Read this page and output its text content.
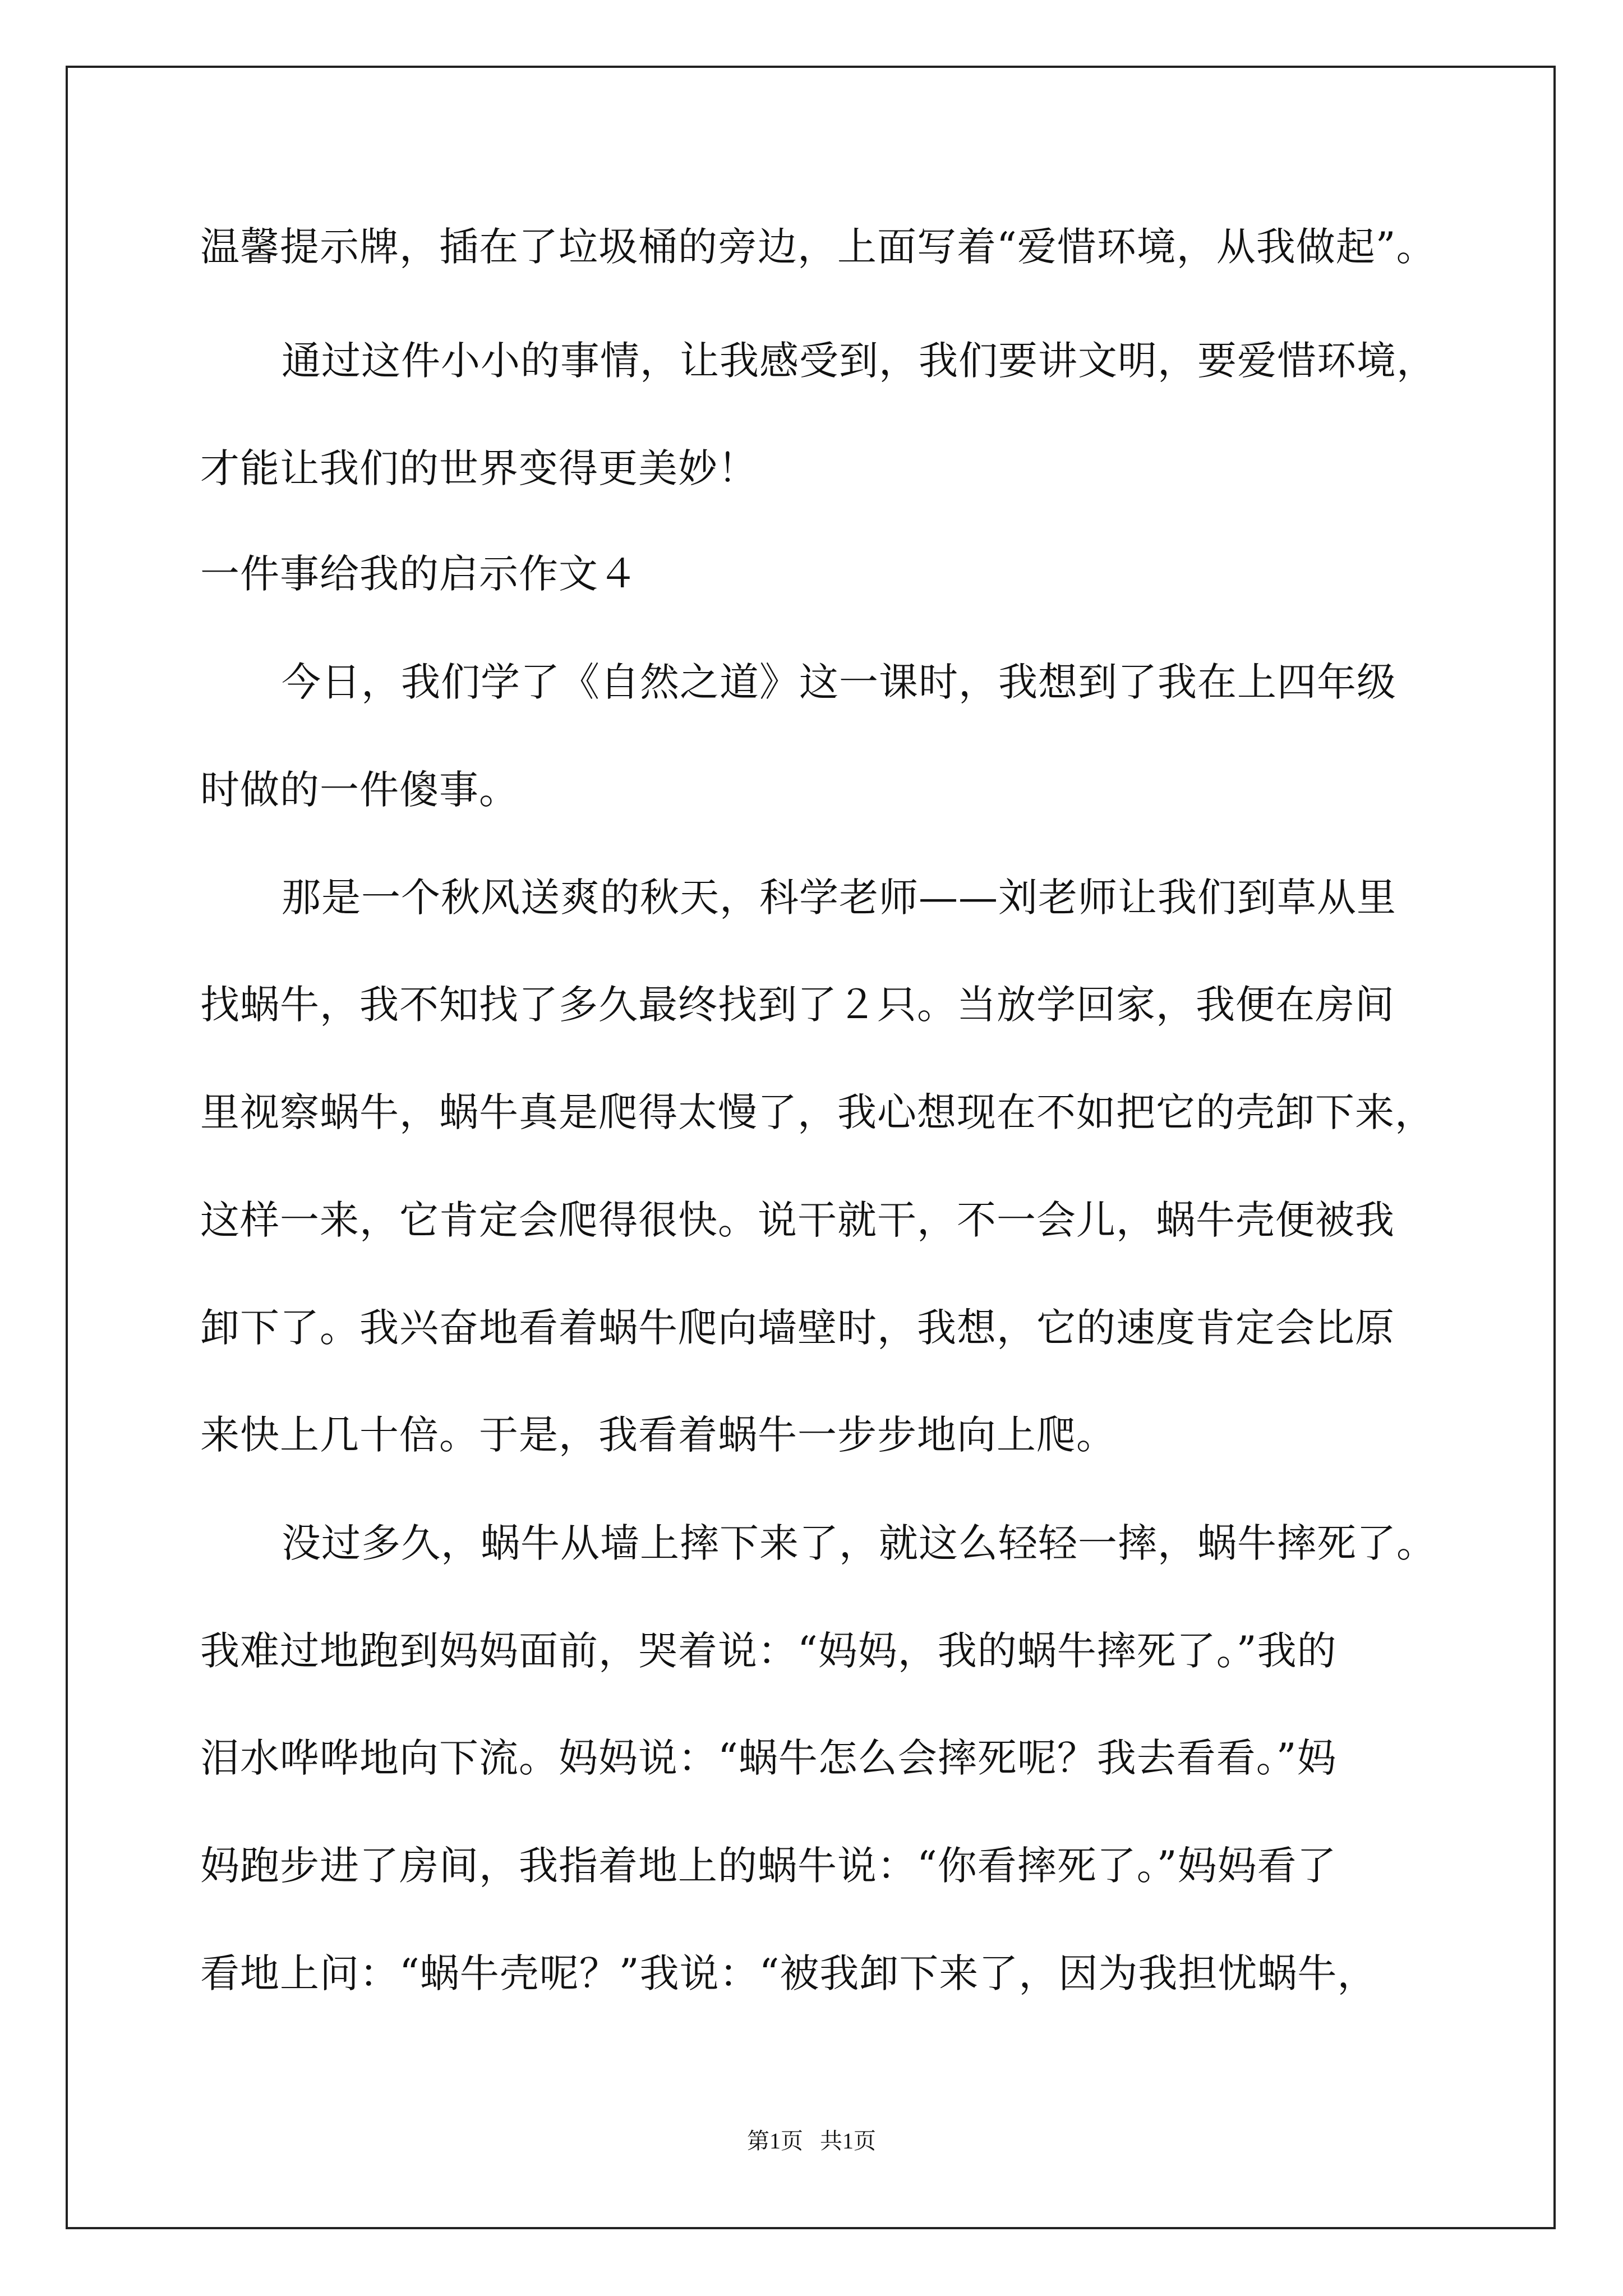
温馨提示牌，插在了垃圾桶的旁边，上面写着“爱惜环境，从我做起”。
通过这件小小的事情，让我感受到，我们要讲文明，要爱惜环境，
才能让我们的世界变得更美妙！
一件事给我的启示作文４
今日，我们学了《自然之道》这一课时，我想到了我在上四年级
时做的一件傻事。
那是一个秋风送爽的秋天，科学老师——刘老师让我们到草从里
找蜗牛，我不知找了多久最终找到了２只。当放学回家，我便在房间
里视察蜗牛，蜗牛真是爬得太慢了，我心想现在不如把它的壳卸下来，
这样一来，它肯定会爬得很快。说干就干，不一会儿，蜗牛壳便被我
卸下了。我兴奋地看着蜗牛爬向墙壁时，我想，它的速度肯定会比原
来快上几十倍。于是，我看着蜗牛一步步地向上爬。
没过多久，蜗牛从墙上摔下来了，就这么轻轻一摔，蜗牛摔死了。
我难过地跑到妈妈面前，哭着说：“妈妈，我的蜗牛摔死了。”我的
泪水哗哗地向下流。妈妈说：“蜗牛怎么会摔死呢？我去看看。”妈
妈跑步进了房间，我指着地上的蜗牛说：“你看摔死了。”妈妈看了
看地上问：“蜗牛壳呢？”我说：“被我卸下来了，因为我担忧蜗牛，
第1页   共1页
